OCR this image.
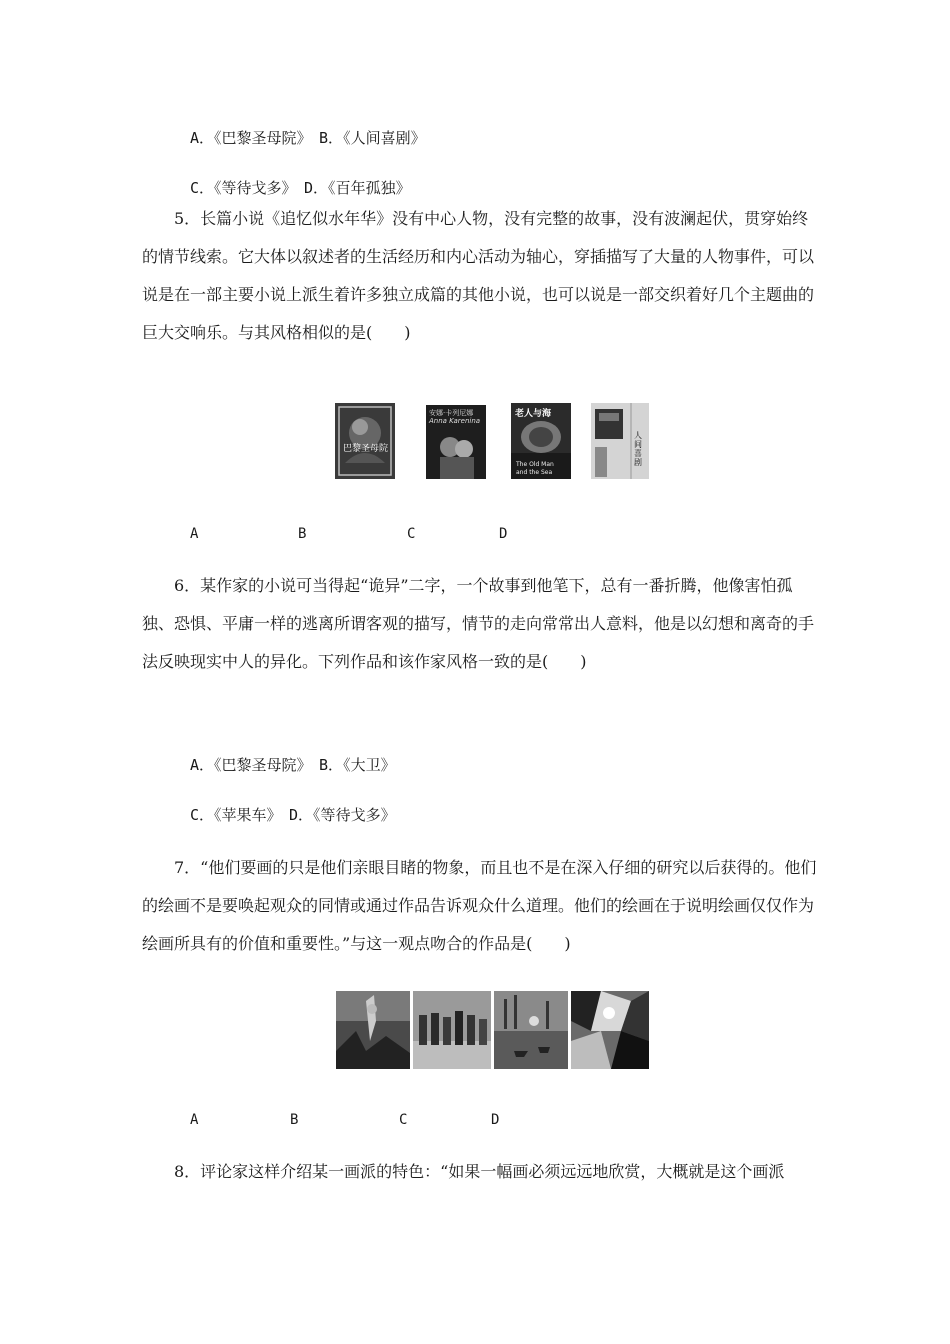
A．《巴黎圣母院》　B．《人间喜剧》
C．《等待戈多》　D．《百年孤独》
5．长篇小说《追忆似水年华》没有中心人物，没有完整的故事，没有波澜起伏，贯穿始终的情节线索。它大体以叙述者的生活经历和内心活动为轴心，穿插描写了大量的人物事件，可以说是在一部主要小说上派生着许多独立成篇的其他小说，也可以说是一部交织着好几个主题曲的巨大交响乐。与其风格相似的是(　　)
巴黎圣母院
安娜·卡列尼娜
Anna Karenina
老人与海
The Old Man
and the Sea
人间喜剧
A	B	C	D
6．某作家的小说可当得起“诡异”二字，一个故事到他笔下，总有一番折腾，他像害怕孤独、恐惧、平庸一样的逃离所谓客观的描写，情节的走向常常出人意料，他是以幻想和离奇的手法反映现实中人的异化。下列作品和该作家风格一致的是(　　)
A．《巴黎圣母院》　B．《大卫》
C．《苹果车》　D．《等待戈多》
7．“他们要画的只是他们亲眼目睹的物象，而且也不是在深入仔细的研究以后获得的。他们的绘画不是要唤起观众的同情或通过作品告诉观众什么道理。他们的绘画在于说明绘画仅仅作为绘画所具有的价值和重要性。”与这一观点吻合的作品是(　　)
A	B	C	D
8．评论家这样介绍某一画派的特色：“如果一幅画必须远远地欣赏，大概就是这个画派
